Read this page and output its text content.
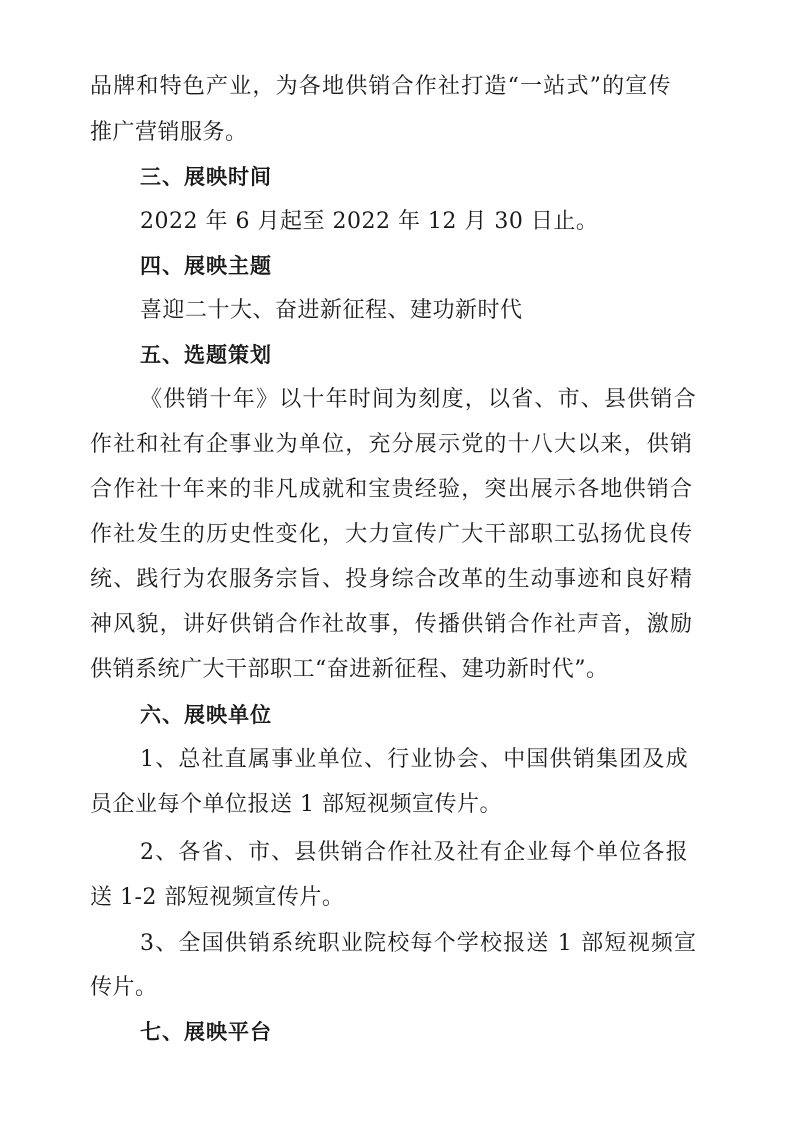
品牌和特色产业，为各地供销合作社打造“一站式”的宣传
推广营销服务。
三、展映时间
2022 年 6 月起至 2022 年 12 月 30 日止。
四、展映主题
喜迎二十大、奋进新征程、建功新时代
五、选题策划
《供销十年》以十年时间为刻度，以省、市、县供销合
作社和社有企事业为单位，充分展示党的十八大以来，供销
合作社十年来的非凡成就和宝贵经验，突出展示各地供销合
作社发生的历史性变化，大力宣传广大干部职工弘扬优良传
统、践行为农服务宗旨、投身综合改革的生动事迹和良好精
神风貌，讲好供销合作社故事，传播供销合作社声音，激励
供销系统广大干部职工“奋进新征程、建功新时代”。
六、展映单位
1、总社直属事业单位、行业协会、中国供销集团及成
员企业每个单位报送 1 部短视频宣传片。
2、各省、市、县供销合作社及社有企业每个单位各报
送 1-2 部短视频宣传片。
3、全国供销系统职业院校每个学校报送 1 部短视频宣
传片。
七、展映平台
